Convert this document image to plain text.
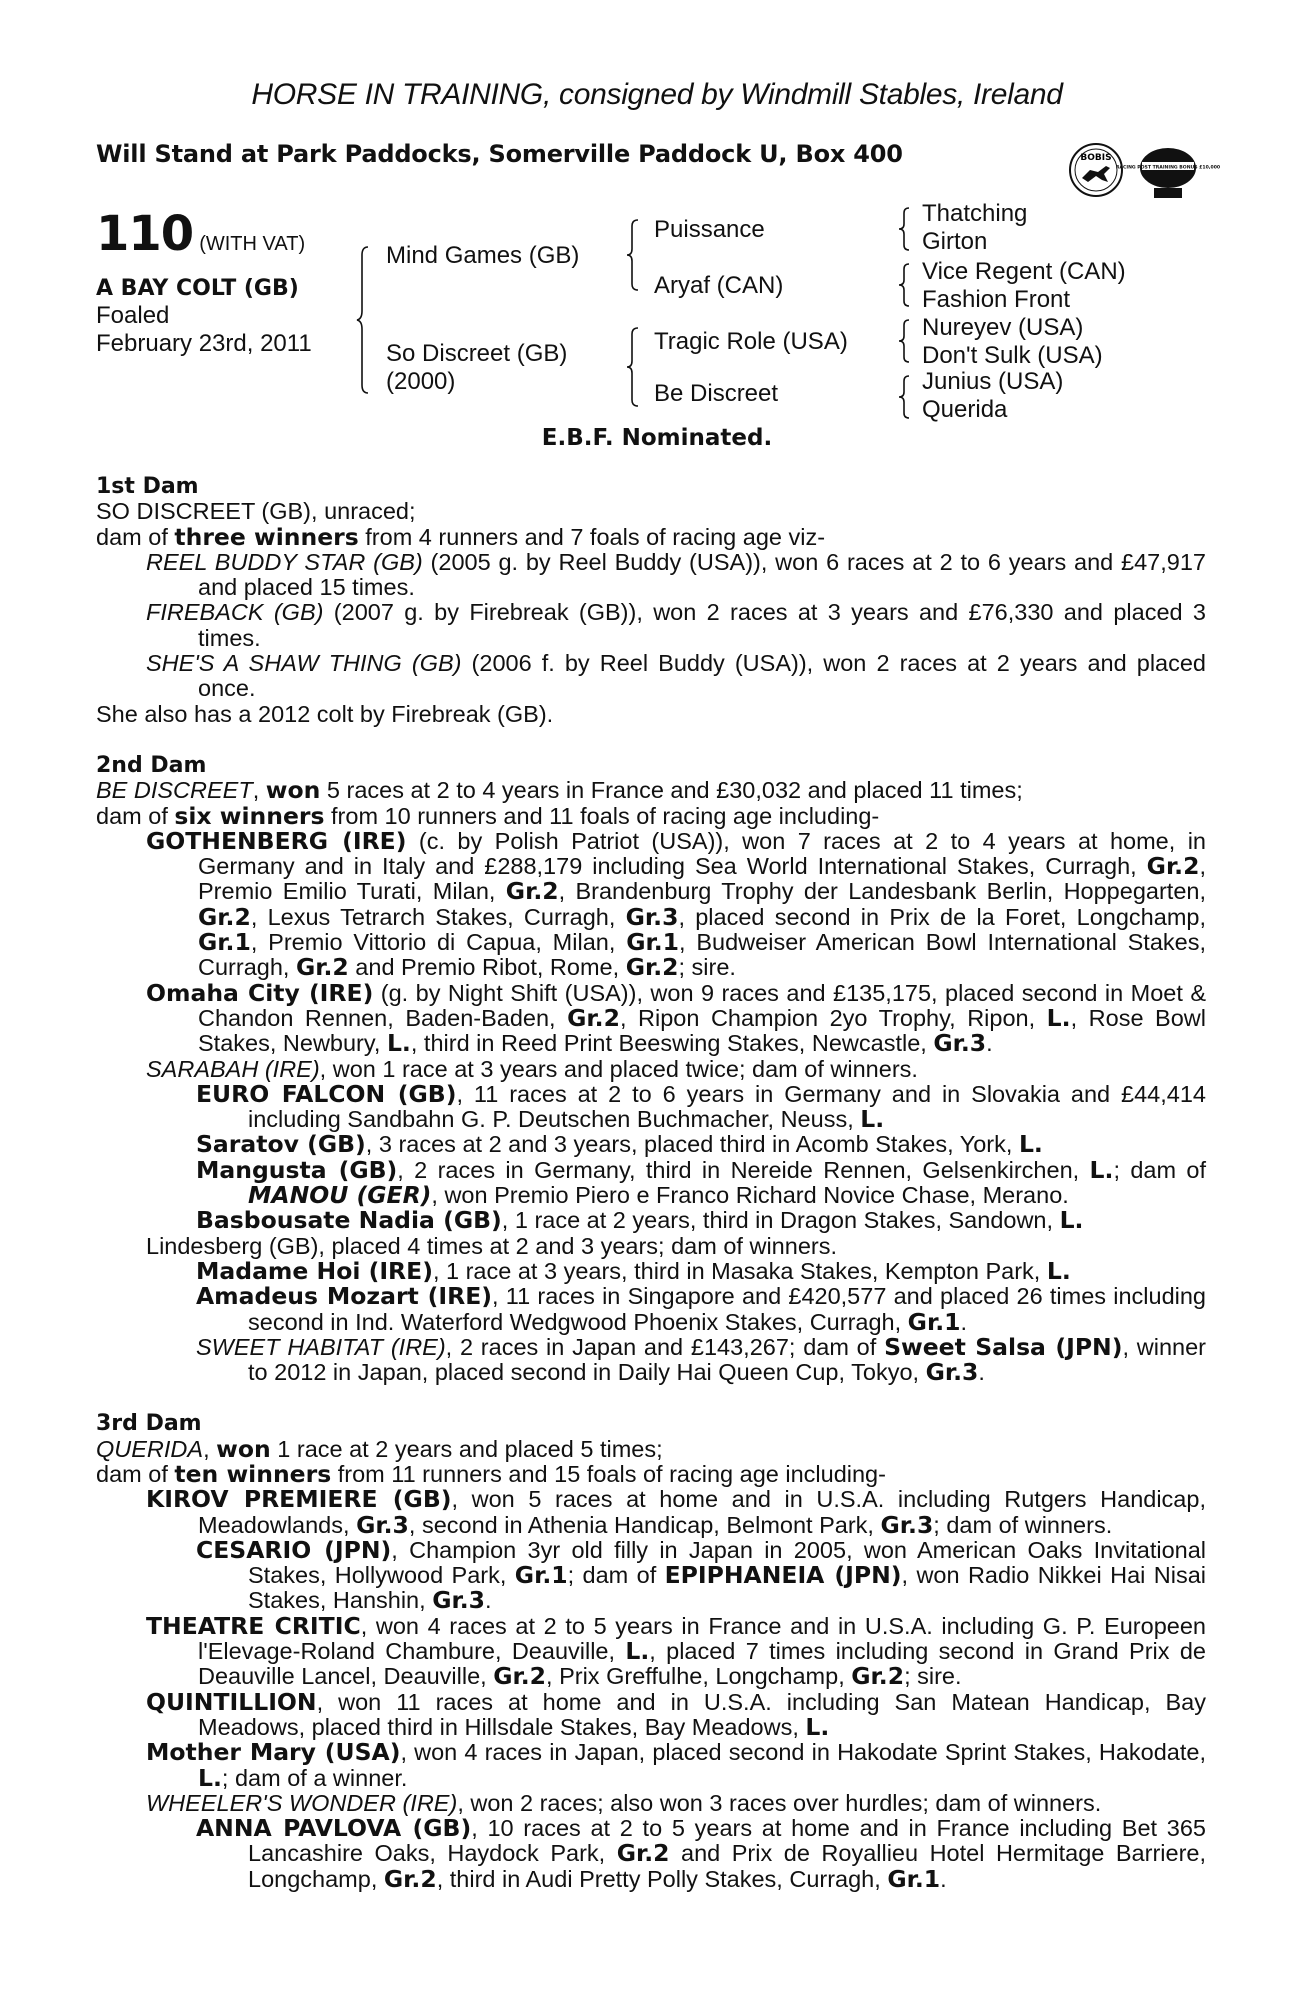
HORSE IN TRAINING, consigned by Windmill Stables, Ireland
Will Stand at Park Paddocks, Somerville Paddock U, Box 400	BOBIS
RACING POST TRAINING BONUS £10,000
110 (WITH VAT)
A BAY COLT (GB)
Foaled
February 23rd, 2011
Mind Games (GB)
So Discreet (GB)
(2000)
Puissance
Aryaf (CAN)
Tragic Role (USA)
Be Discreet
Thatching
Girton
Vice Regent (CAN)
Fashion Front
Nureyev (USA)
Don't Sulk (USA)
Junius (USA)
Querida
E.B.F. Nominated.
1st Dam
SO DISCREET (GB), unraced;
dam of three winners from 4 runners and 7 foals of racing age viz-
REEL BUDDY STAR (GB) (2005 g. by Reel Buddy (USA)), won 6 races at 2 to 6 years and £47,917 and placed 15 times.
FIREBACK (GB) (2007 g. by Firebreak (GB)), won 2 races at 3 years and £76,330 and placed 3 times.
SHE'S A SHAW THING (GB) (2006 f. by Reel Buddy (USA)), won 2 races at 2 years and placed once.
She also has a 2012 colt by Firebreak (GB).
2nd Dam
BE DISCREET, won 5 races at 2 to 4 years in France and £30,032 and placed 11 times;
dam of six winners from 10 runners and 11 foals of racing age including-
GOTHENBERG (IRE) (c. by Polish Patriot (USA)), won 7 races at 2 to 4 years at home, in Germany and in Italy and £288,179 including Sea World International Stakes, Curragh, Gr.2, Premio Emilio Turati, Milan, Gr.2, Brandenburg Trophy der Landesbank Berlin, Hoppegarten, Gr.2, Lexus Tetrarch Stakes, Curragh, Gr.3, placed second in Prix de la Foret, Longchamp, Gr.1, Premio Vittorio di Capua, Milan, Gr.1, Budweiser American Bowl International Stakes, Curragh, Gr.2 and Premio Ribot, Rome, Gr.2; sire.
Omaha City (IRE) (g. by Night Shift (USA)), won 9 races and £135,175, placed second in Moet & Chandon Rennen, Baden-Baden, Gr.2, Ripon Champion 2yo Trophy, Ripon, L., Rose Bowl Stakes, Newbury, L., third in Reed Print Beeswing Stakes, Newcastle, Gr.3.
SARABAH (IRE), won 1 race at 3 years and placed twice; dam of winners.
EURO FALCON (GB), 11 races at 2 to 6 years in Germany and in Slovakia and £44,414 including Sandbahn G. P. Deutschen Buchmacher, Neuss, L.
Saratov (GB), 3 races at 2 and 3 years, placed third in Acomb Stakes, York, L.
Mangusta (GB), 2 races in Germany, third in Nereide Rennen, Gelsenkirchen, L.; dam of MANOU (GER), won Premio Piero e Franco Richard Novice Chase, Merano.
Basbousate Nadia (GB), 1 race at 2 years, third in Dragon Stakes, Sandown, L.
Lindesberg (GB), placed 4 times at 2 and 3 years; dam of winners.
Madame Hoi (IRE), 1 race at 3 years, third in Masaka Stakes, Kempton Park, L.
Amadeus Mozart (IRE), 11 races in Singapore and £420,577 and placed 26 times including second in Ind. Waterford Wedgwood Phoenix Stakes, Curragh, Gr.1.
SWEET HABITAT (IRE), 2 races in Japan and £143,267; dam of Sweet Salsa (JPN), winner to 2012 in Japan, placed second in Daily Hai Queen Cup, Tokyo, Gr.3.
3rd Dam
QUERIDA, won 1 race at 2 years and placed 5 times;
dam of ten winners from 11 runners and 15 foals of racing age including-
KIROV PREMIERE (GB), won 5 races at home and in U.S.A. including Rutgers Handicap, Meadowlands, Gr.3, second in Athenia Handicap, Belmont Park, Gr.3; dam of winners.
CESARIO (JPN), Champion 3yr old filly in Japan in 2005, won American Oaks Invitational Stakes, Hollywood Park, Gr.1; dam of EPIPHANEIA (JPN), won Radio Nikkei Hai Nisai Stakes, Hanshin, Gr.3.
THEATRE CRITIC, won 4 races at 2 to 5 years in France and in U.S.A. including G. P. Europeen l'Elevage-Roland Chambure, Deauville, L., placed 7 times including second in Grand Prix de Deauville Lancel, Deauville, Gr.2, Prix Greffulhe, Longchamp, Gr.2; sire.
QUINTILLION, won 11 races at home and in U.S.A. including San Matean Handicap, Bay Meadows, placed third in Hillsdale Stakes, Bay Meadows, L.
Mother Mary (USA), won 4 races in Japan, placed second in Hakodate Sprint Stakes, Hakodate, L.; dam of a winner.
WHEELER'S WONDER (IRE), won 2 races; also won 3 races over hurdles; dam of winners.
ANNA PAVLOVA (GB), 10 races at 2 to 5 years at home and in France including Bet 365 Lancashire Oaks, Haydock Park, Gr.2 and Prix de Royallieu Hotel Hermitage Barriere, Longchamp, Gr.2, third in Audi Pretty Polly Stakes, Curragh, Gr.1.
